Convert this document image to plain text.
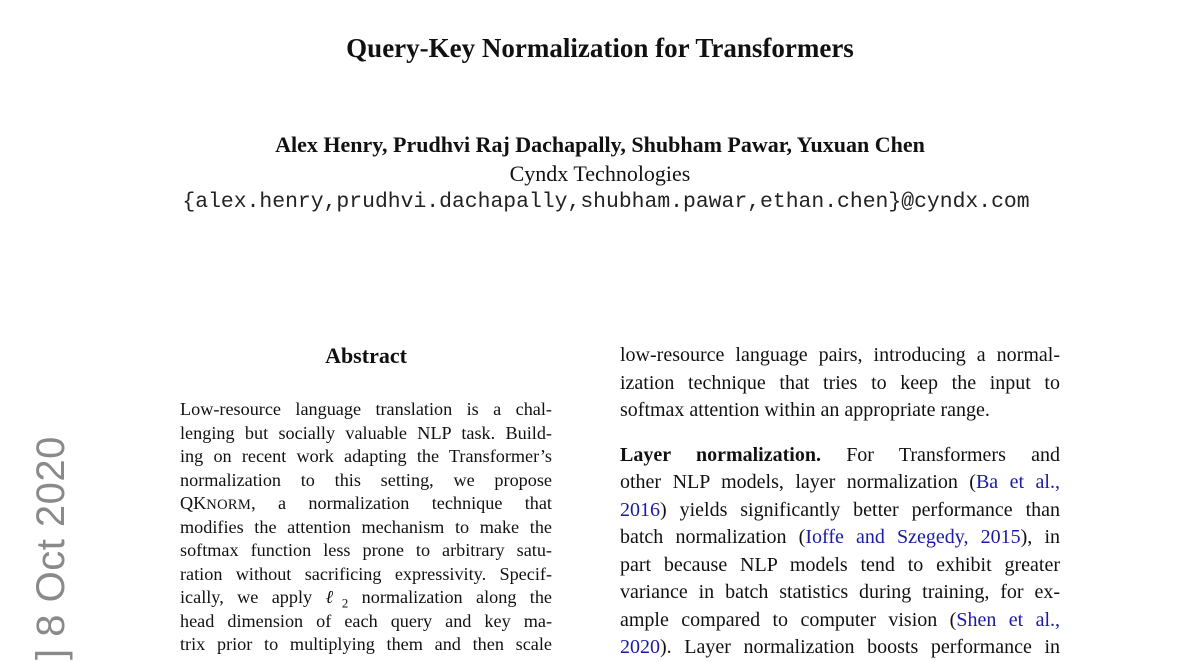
Query-Key Normalization for Transformers
Alex Henry, Prudhvi Raj Dachapally, Shubham Pawar, Yuxuan Chen
Cyndx Technologies
{alex.henry,prudhvi.dachapally,shubham.pawar,ethan.chen}@cyndx.com
] 8 Oct 2020
Abstract
Low-resource language translation is a chal-
lenging but socially valuable NLP task. Build-
ing on recent work adapting the Transformer’s
normalization to this setting, we propose
QKNORM, a normalization technique that
modifies the attention mechanism to make the
softmax function less prone to arbitrary satu-
ration without sacrificing expressivity. Specif-
ically, we apply ℓ$_2$ normalization along the
head dimension of each query and key ma-
trix prior to multiplying them and then scale
low-resource language pairs, introducing a normal-
ization technique that tries to keep the input to
softmax attention within an appropriate range.
Layer normalization. For Transformers and
other NLP models, layer normalization (Ba et al.,
2016) yields significantly better performance than
batch normalization (Ioffe and Szegedy, 2015), in
part because NLP models tend to exhibit greater
variance in batch statistics during training, for ex-
ample compared to computer vision (Shen et al.,
2020). Layer normalization boosts performance in
